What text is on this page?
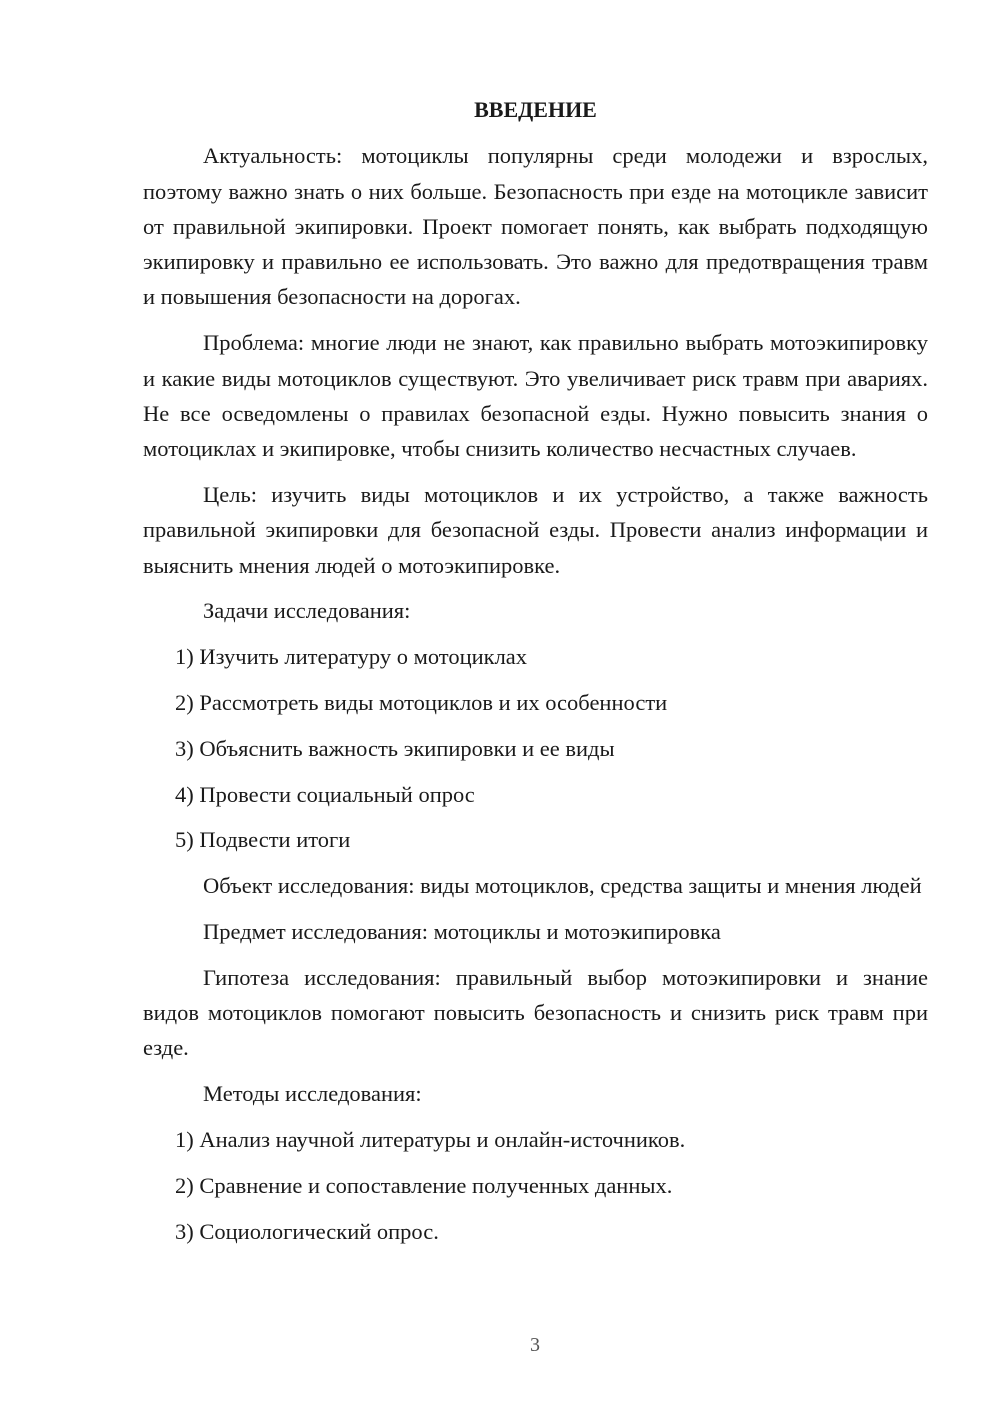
ВВЕДЕНИЕ

Актуальность: мотоциклы популярны среди молодежи и взрослых, поэтому важно знать о них больше. Безопасность при езде на мотоцикле зависит от правильной экипировки. Проект помогает понять, как выбрать подходящую экипировку и правильно ее использовать. Это важно для предотвращения травм и повышения безопасности на дорогах.

Проблема: многие люди не знают, как правильно выбрать мотоэкипировку и какие виды мотоциклов существуют. Это увеличивает риск травм при авариях. Не все осведомлены о правилах безопасной езды. Нужно повысить знания о мотоциклах и экипировке, чтобы снизить количество несчастных случаев.

Цель: изучить виды мотоциклов и их устройство, а также важность правильной экипировки для безопасной езды. Провести анализ информации и выяснить мнения людей о мотоэкипировке.

Задачи исследования:

1) Изучить литературу о мотоциклах
2) Рассмотреть виды мотоциклов и их особенности
3) Объяснить важность экипировки и ее виды
4) Провести социальный опрос
5) Подвести итоги

Объект исследования: виды мотоциклов, средства защиты и мнения людей

Предмет исследования: мотоциклы и мотоэкипировка

Гипотеза исследования: правильный выбор мотоэкипировки и знание видов мотоциклов помогают повысить безопасность и снизить риск травм при езде.

Методы исследования:

1) Анализ научной литературы и онлайн-источников.
2) Сравнение и сопоставление полученных данных.
3) Социологический опрос.
3
